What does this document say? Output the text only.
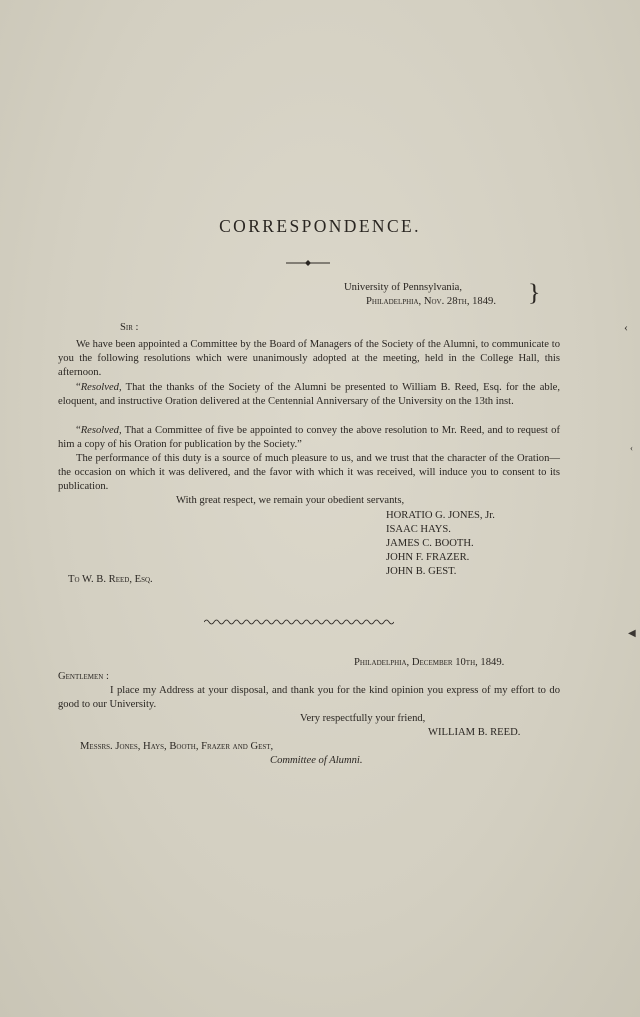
CORRESPONDENCE.
University of Pennsylvania,
Philadelphia, Nov. 28th, 1849. }
Sir :
We have been appointed a Committee by the Board of Managers of the Society of the Alumni, to communicate to you the following resolutions which were unanimously adopted at the meeting, held in the College Hall, this afternoon.
“Resolved, That the thanks of the Society of the Alumni be presented to William B. Reed, Esq. for the able, eloquent, and instructive Oration delivered at the Centennial Anniversary of the University on the 13th inst.
“Resolved, That a Committee of five be appointed to convey the above resolution to Mr. Reed, and to request of him a copy of his Oration for publication by the Society.”
The performance of this duty is a source of much pleasure to us, and we trust that the character of the Oration—the occasion on which it was delivered, and the favor with which it was received, will induce you to consent to its publication.
With great respect, we remain your obedient servants,
HORATIO G. JONES, Jr.
ISAAC HAYS.
JAMES C. BOOTH.
JOHN F. FRAZER.
JOHN B. GEST.
To W. B. Reed, Esq.
Philadelphia, December 10th, 1849.
Gentlemen :
I place my Address at your disposal, and thank you for the kind opinion you express of my effort to do good to our University.
Very respectfully your friend,
WILLIAM B. REED.
Messrs. Jones, Hays, Booth, Frazer and Gest,
Committee of Alumni.
‹
‹
◀
